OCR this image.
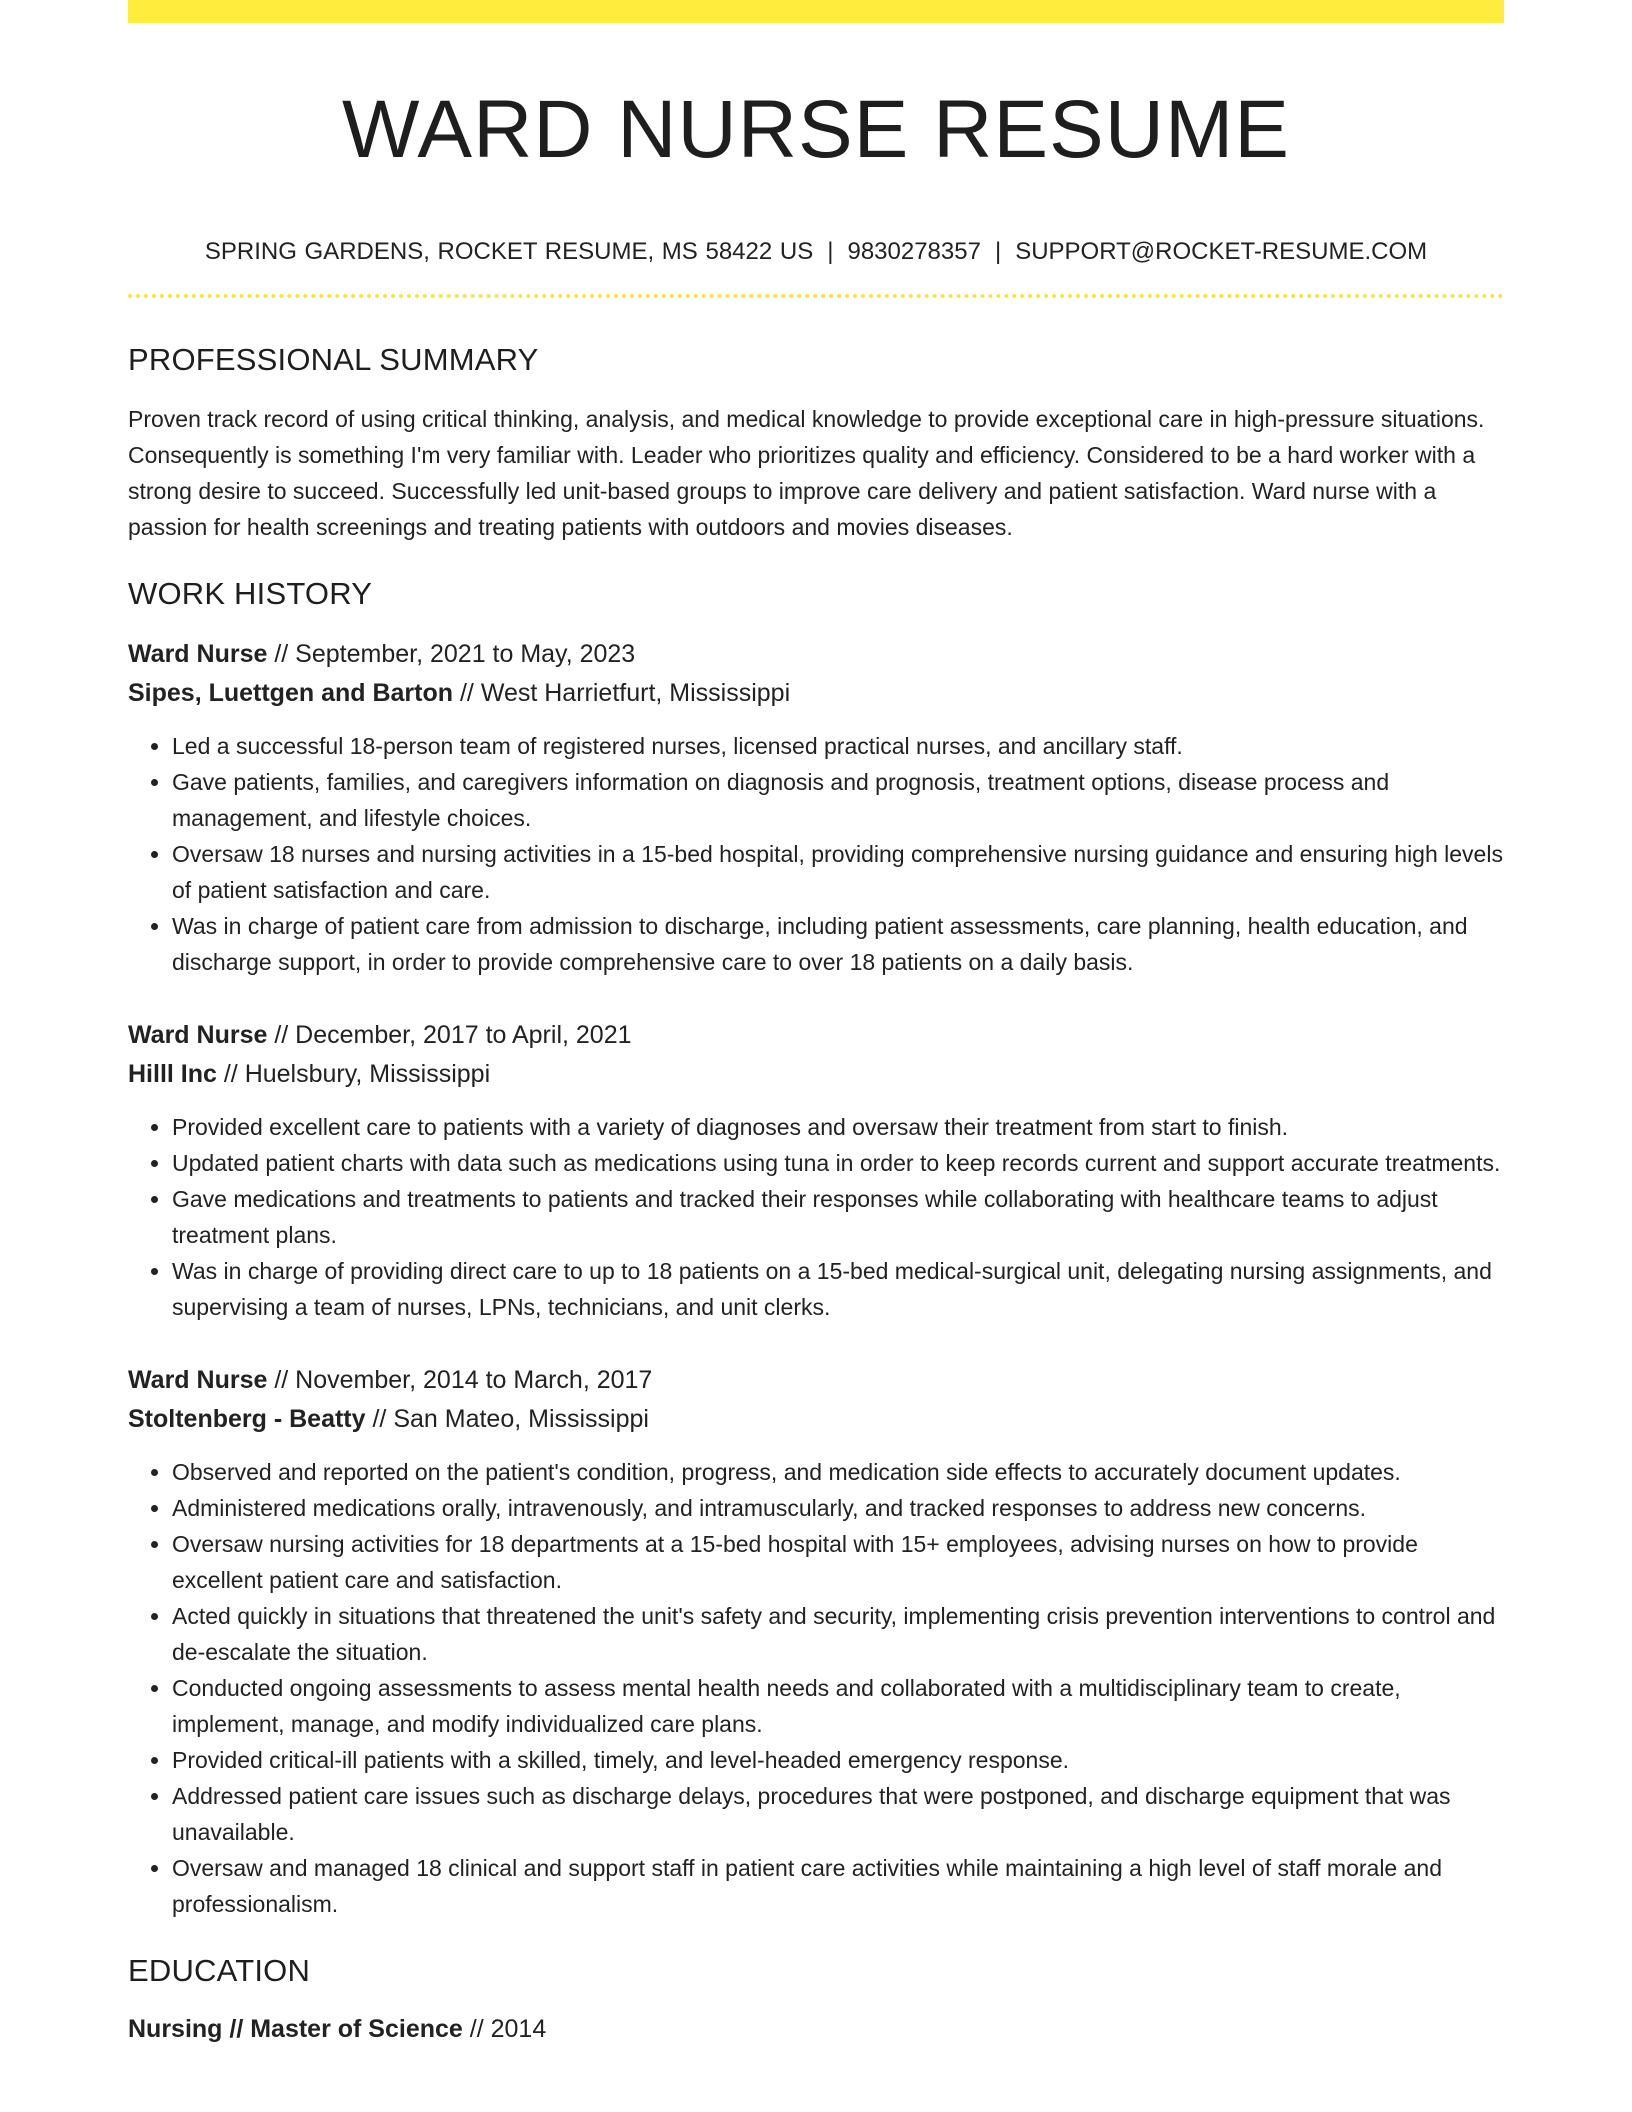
WARD NURSE RESUME
SPRING GARDENS, ROCKET RESUME, MS 58422 US | 9830278357 | SUPPORT@ROCKET-RESUME.COM
PROFESSIONAL SUMMARY

Proven track record of using critical thinking, analysis, and medical knowledge to provide exceptional care in high-pressure situations. Consequently is something I'm very familiar with. Leader who prioritizes quality and efficiency. Considered to be a hard worker with a strong desire to succeed. Successfully led unit-based groups to improve care delivery and patient satisfaction. Ward nurse with a passion for health screenings and treating patients with outdoors and movies diseases.

WORK HISTORY
Ward Nurse // September, 2021 to May, 2023
Sipes, Luettgen and Barton // West Harrietfurt, Mississippi
• Led a successful 18-person team of registered nurses, licensed practical nurses, and ancillary staff.
• Gave patients, families, and caregivers information on diagnosis and prognosis, treatment options, disease process and management, and lifestyle choices.
• Oversaw 18 nurses and nursing activities in a 15-bed hospital, providing comprehensive nursing guidance and ensuring high levels of patient satisfaction and care.
• Was in charge of patient care from admission to discharge, including patient assessments, care planning, health education, and discharge support, in order to provide comprehensive care to over 18 patients on a daily basis.
Ward Nurse // December, 2017 to April, 2021
Hilll Inc // Huelsbury, Mississippi
• Provided excellent care to patients with a variety of diagnoses and oversaw their treatment from start to finish.
• Updated patient charts with data such as medications using tuna in order to keep records current and support accurate treatments.
• Gave medications and treatments to patients and tracked their responses while collaborating with healthcare teams to adjust treatment plans.
• Was in charge of providing direct care to up to 18 patients on a 15-bed medical-surgical unit, delegating nursing assignments, and supervising a team of nurses, LPNs, technicians, and unit clerks.
Ward Nurse // November, 2014 to March, 2017
Stoltenberg - Beatty // San Mateo, Mississippi
• Observed and reported on the patient's condition, progress, and medication side effects to accurately document updates.
• Administered medications orally, intravenously, and intramuscularly, and tracked responses to address new concerns.
• Oversaw nursing activities for 18 departments at a 15-bed hospital with 15+ employees, advising nurses on how to provide excellent patient care and satisfaction.
• Acted quickly in situations that threatened the unit's safety and security, implementing crisis prevention interventions to control and de-escalate the situation.
• Conducted ongoing assessments to assess mental health needs and collaborated with a multidisciplinary team to create, implement, manage, and modify individualized care plans.
• Provided critical-ill patients with a skilled, timely, and level-headed emergency response.
• Addressed patient care issues such as discharge delays, procedures that were postponed, and discharge equipment that was unavailable.
• Oversaw and managed 18 clinical and support staff in patient care activities while maintaining a high level of staff morale and professionalism.
EDUCATION
Nursing // Master of Science // 2014
